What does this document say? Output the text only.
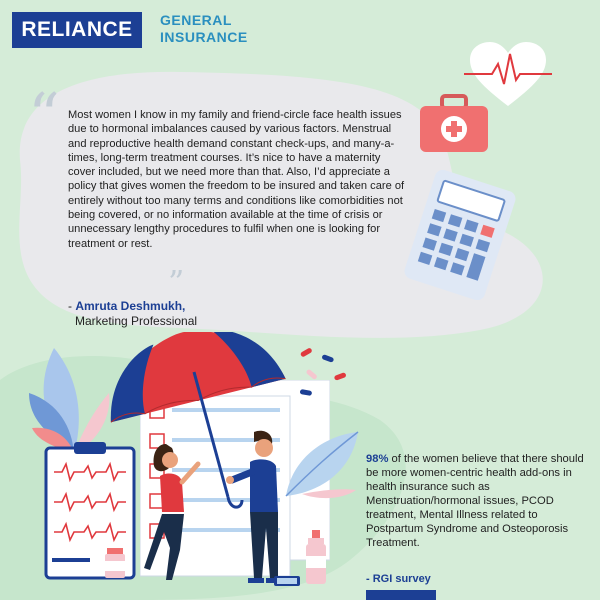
RELIANCE	GENERAL
INSURANCE
“
”
Most women I know in my family and friend-circle face health issues due to hormonal imbalances caused by various factors. Menstrual and reproductive health demand constant check-ups, and many-a-times, long-term treatment courses. It’s nice to have a maternity cover included, but we need more than that. Also, I’d appreciate a policy that gives women the freedom to be insured and taken care of entirely without too many terms and conditions like comorbidities not being covered, or no information available at the time of crisis or unnecessary lengthy procedures to fulfil when one is looking for treatment or rest.
- Amruta Deshmukh,
Marketing Professional
98% of the women believe that there should be more women-centric health add-ons in health insurance such as Menstruation/hormonal issues, PCOD treatment, Mental Illness related to Postpartum Syndrome and Osteoporosis Treatment.
- RGI survey
